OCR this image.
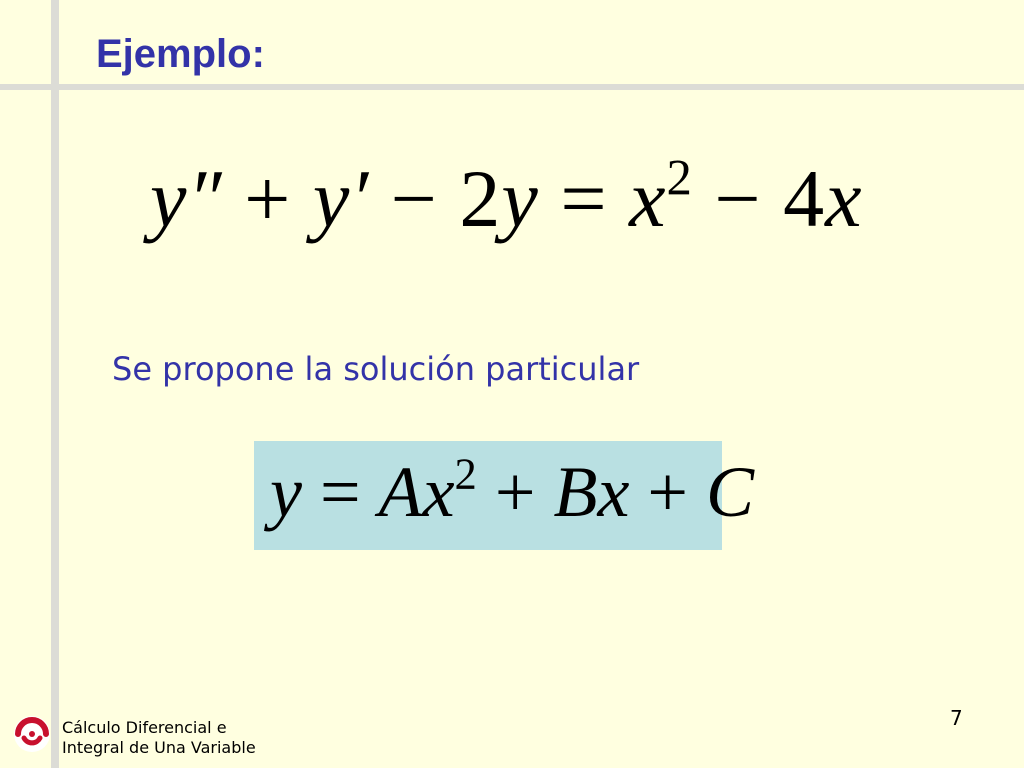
Ejemplo:
$y'' + y' - 2y = x^2 - 4x$
Se propone la solución particular
$y = Ax^2 + Bx + C$
Cálculo Diferencial e
Integral de Una Variable
7
